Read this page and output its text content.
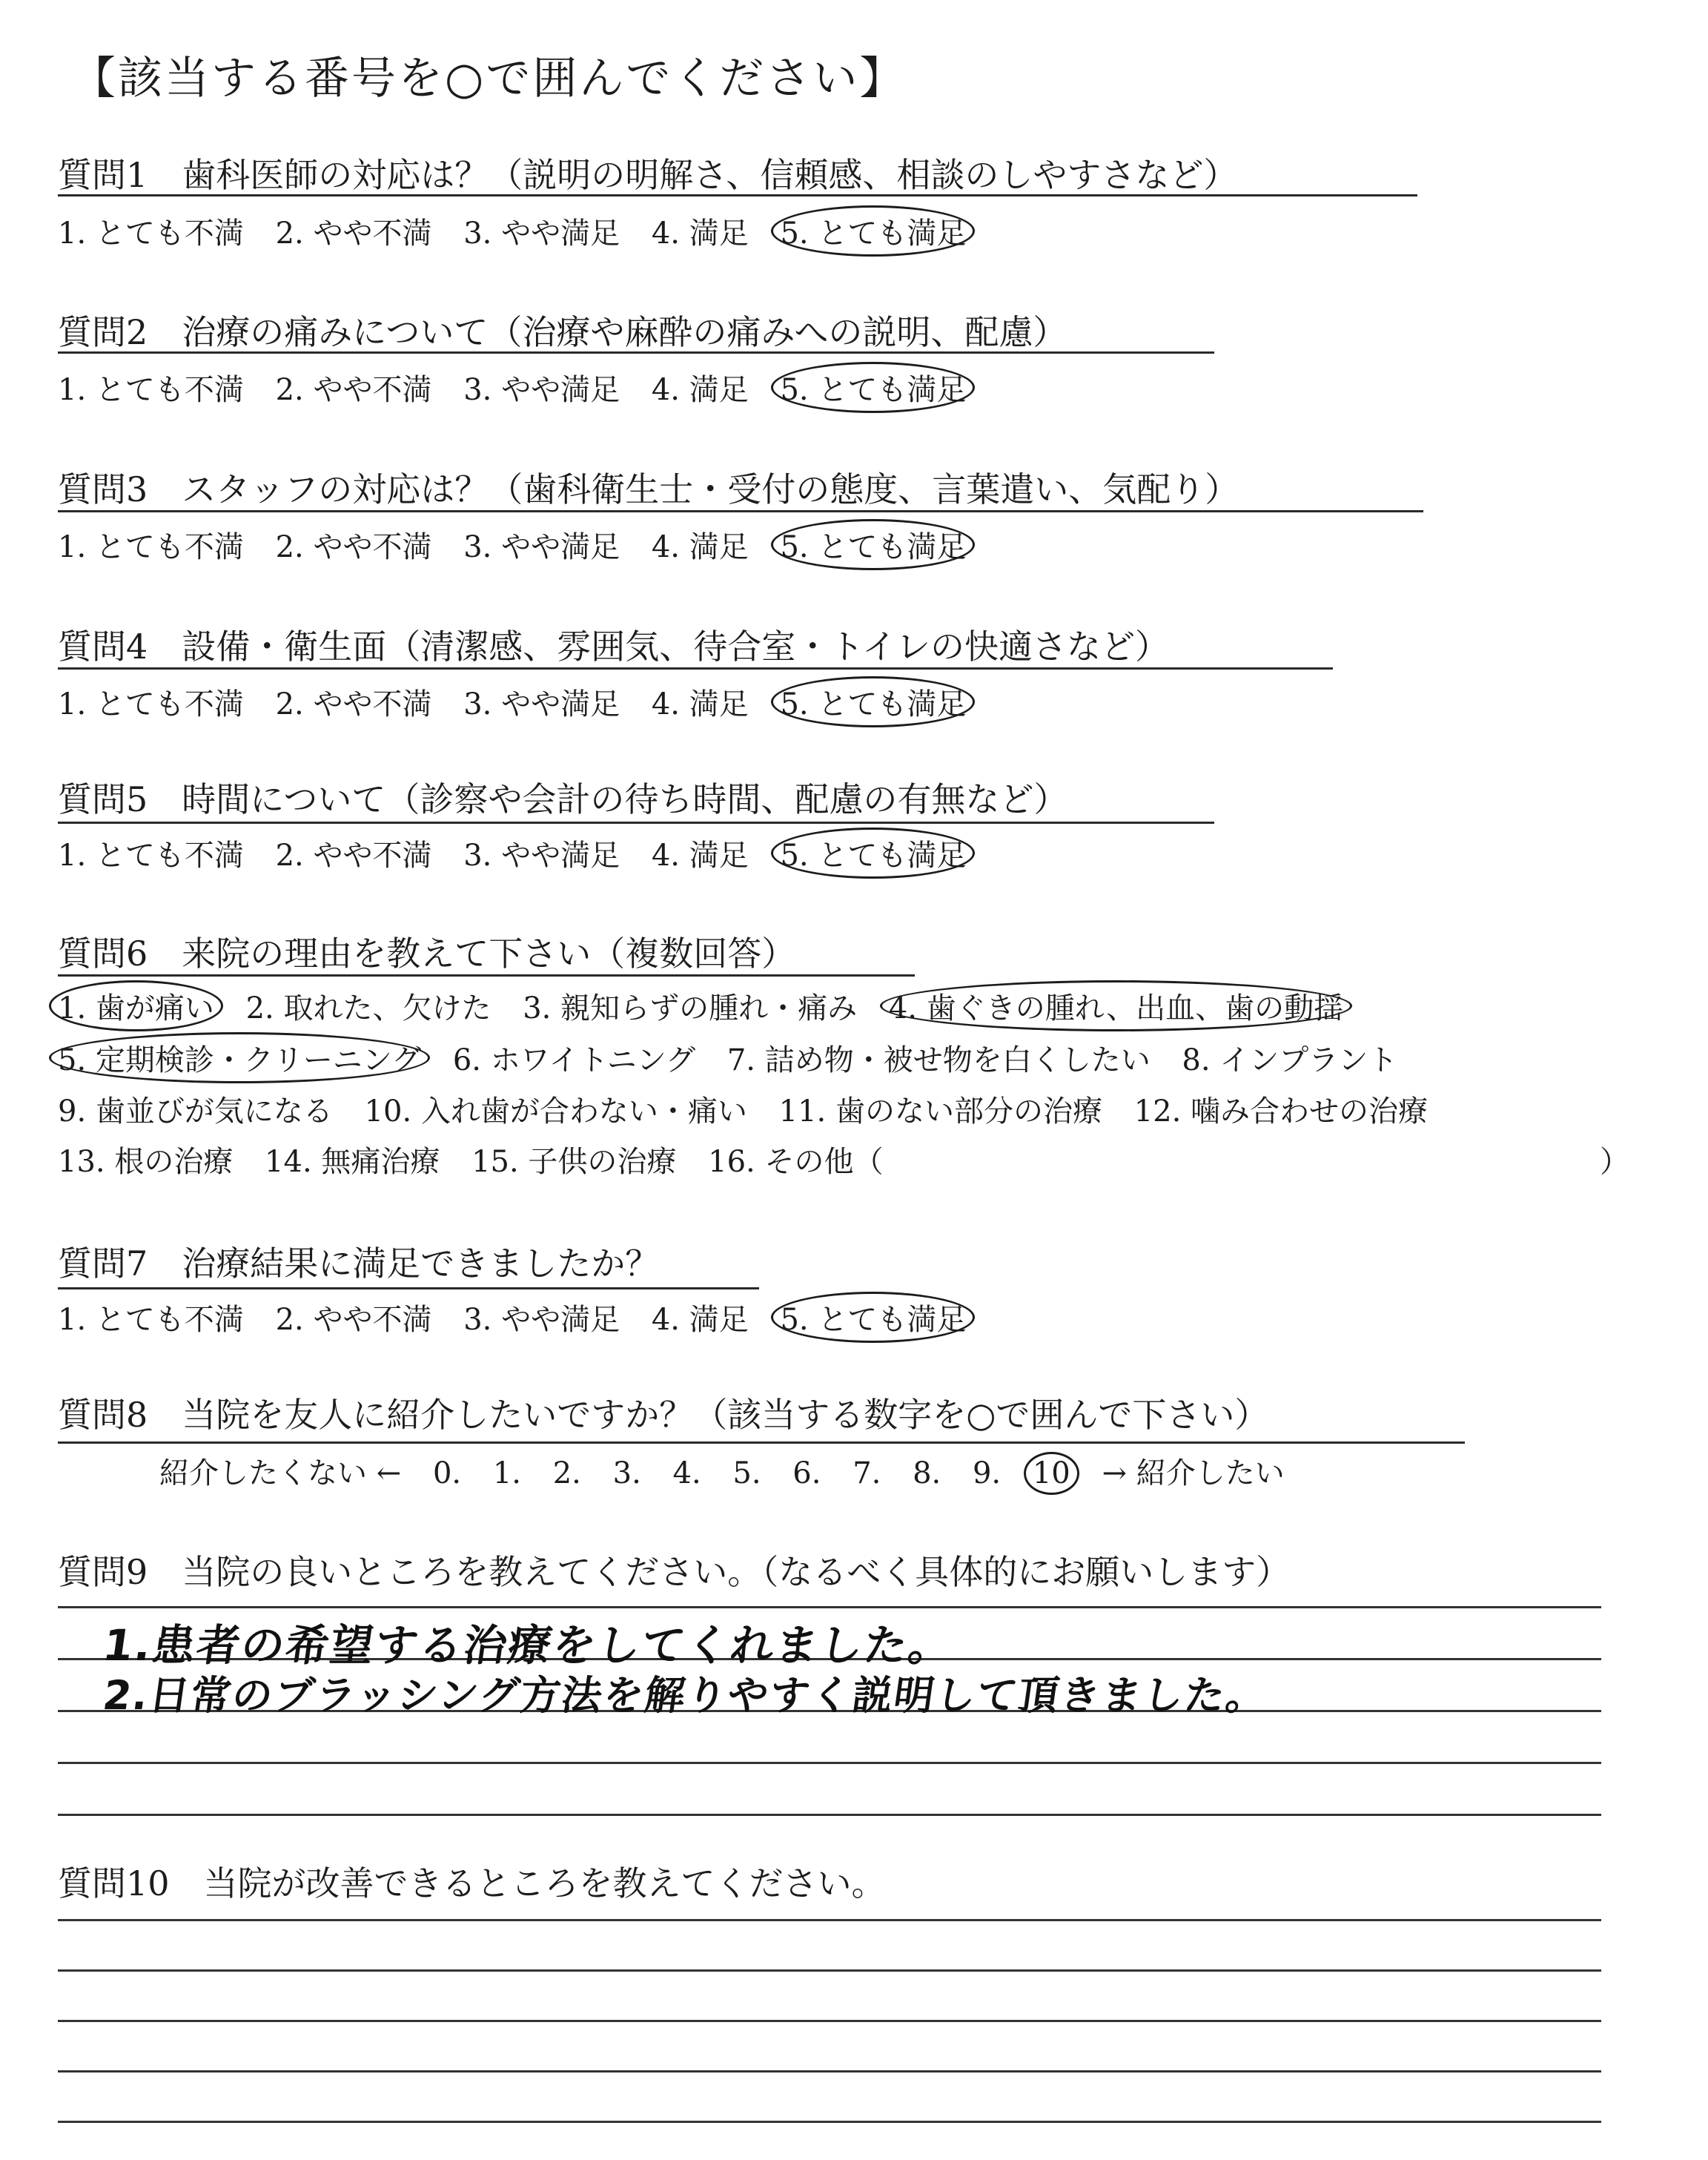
【該当する番号を○で囲んでください】
質問1　歯科医師の対応は？（説明の明解さ、信頼感、相談のしやすさなど）
1. とても不満 2. やや不満 3. やや満足 4. 満足 5. とても満足
質問2　治療の痛みについて（治療や麻酔の痛みへの説明、配慮）
1. とても不満 2. やや不満 3. やや満足 4. 満足 5. とても満足
質問3　スタッフの対応は？（歯科衛生士・受付の態度、言葉遣い、気配り）
1. とても不満 2. やや不満 3. やや満足 4. 満足 5. とても満足
質問4　設備・衛生面（清潔感、雰囲気、待合室・トイレの快適さなど）
1. とても不満 2. やや不満 3. やや満足 4. 満足 5. とても満足
質問5　時間について（診察や会計の待ち時間、配慮の有無など）
1. とても不満 2. やや不満 3. やや満足 4. 満足 5. とても満足
質問6　来院の理由を教えて下さい（複数回答）
1. 歯が痛い 2. 取れた、欠けた 3. 親知らずの腫れ・痛み 4. 歯ぐきの腫れ、出血、歯の動揺
5. 定期検診・クリーニング 6. ホワイトニング 7. 詰め物・被せ物を白くしたい 8. インプラント
9. 歯並びが気になる 10. 入れ歯が合わない・痛い 11. 歯のない部分の治療 12. 噛み合わせの治療
13. 根の治療 14. 無痛治療 15. 子供の治療 16. その他（	）
質問7　治療結果に満足できましたか？
1. とても不満 2. やや不満 3. やや満足 4. 満足 5. とても満足
質問8　当院を友人に紹介したいですか？（該当する数字を○で囲んで下さい）
紹介したくない ← 0. 1. 2. 3. 4. 5. 6. 7. 8. 9. 10 → 紹介したい
質問9　当院の良いところを教えてください。（なるべく具体的にお願いします）
1.患者の希望する治療をしてくれました。
2.日常のブラッシング方法を解りやすく説明して頂きました。
質問10　当院が改善できるところを教えてください。
